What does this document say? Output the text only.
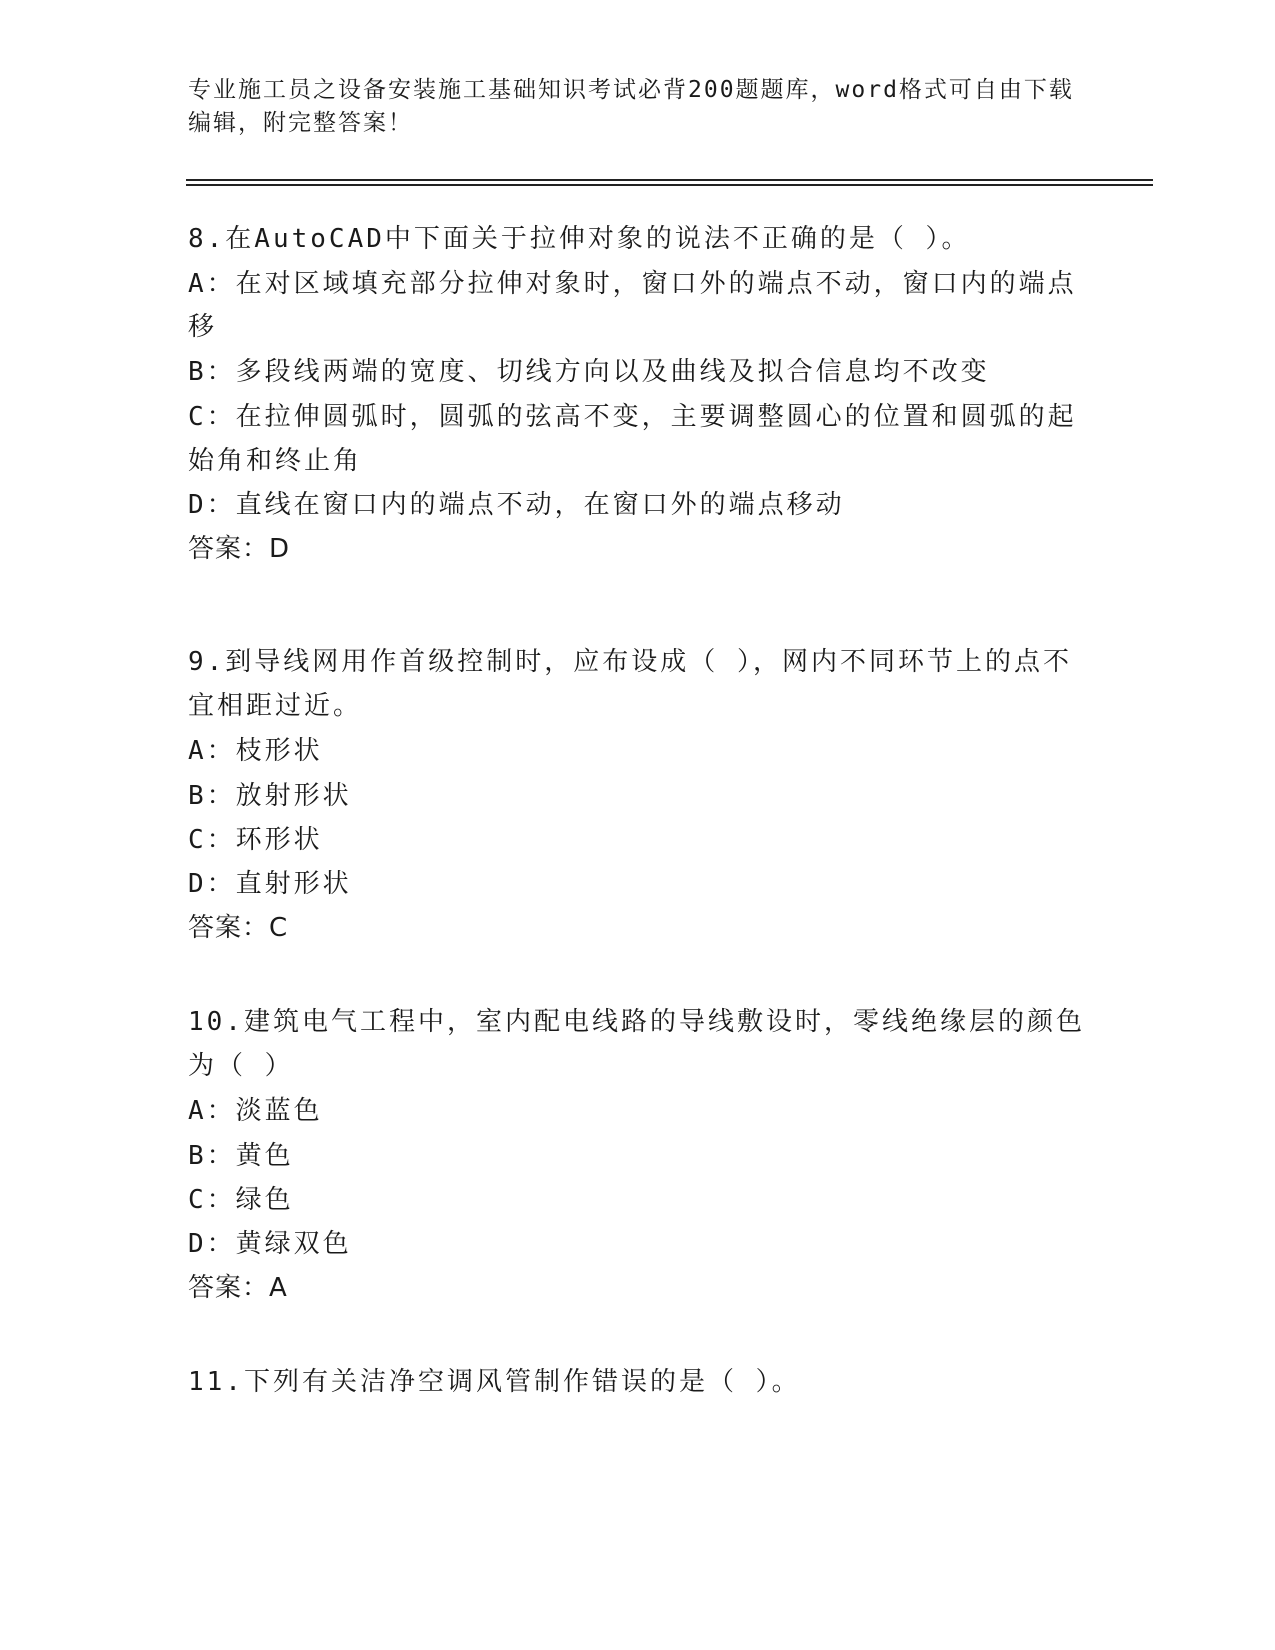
专业施工员之设备安装施工基础知识考试必背200题题库，word格式可自由下载
编辑，附完整答案！
8.在AutoCAD中下面关于拉伸对象的说法不正确的是（ ）。
A：在对区域填充部分拉伸对象时，窗口外的端点不动，窗口内的端点
移
B：多段线两端的宽度、切线方向以及曲线及拟合信息均不改变
C：在拉伸圆弧时，圆弧的弦高不变，主要调整圆心的位置和圆弧的起
始角和终止角
D：直线在窗口内的端点不动，在窗口外的端点移动
答案：D
9.到导线网用作首级控制时，应布设成（ ），网内不同环节上的点不
宜相距过近。
A：枝形状
B：放射形状
C：环形状
D：直射形状
答案：C
10.建筑电气工程中，室内配电线路的导线敷设时，零线绝缘层的颜色
为（ ）
A：淡蓝色
B：黄色
C：绿色
D：黄绿双色
答案：A
11.下列有关洁净空调风管制作错误的是（ ）。
